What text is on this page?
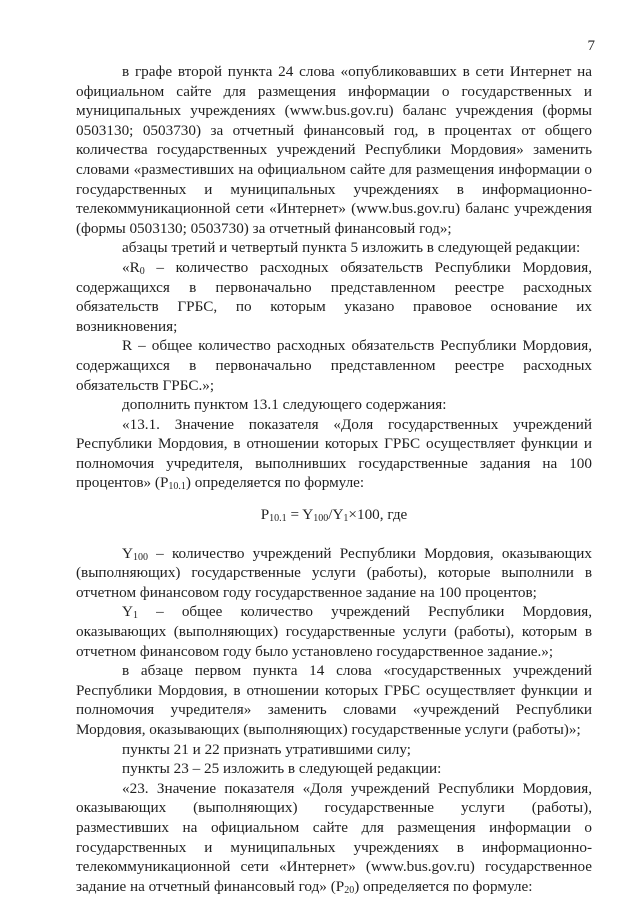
7

в графе второй пункта 24 слова «опубликовавших в сети Интернет на официальном сайте для размещения информации о государственных и муниципальных учреждениях (www.bus.gov.ru) баланс учреждения (формы 0503130; 0503730) за отчетный финансовый год, в процентах от общего количества государственных учреждений Республики Мордовия» заменить словами «разместивших на официальном сайте для размещения информации о государственных и муниципальных учреждениях в информационно-телекоммуникационной сети «Интернет» (www.bus.gov.ru) баланс учреждения (формы 0503130; 0503730) за отчетный финансовый год»;

абзацы третий и четвертый пункта 5 изложить в следующей редакции:

«$R_0$ – количество расходных обязательств Республики Мордовия, содержащихся в первоначально представленном реестре расходных обязательств ГРБС, по которым указано правовое основание их возникновения;

R – общее количество расходных обязательств Республики Мордовия, содержащихся в первоначально представленном реестре расходных обязательств ГРБС.»;

дополнить пунктом 13.1 следующего содержания:

«13.1. Значение показателя «Доля государственных учреждений Республики Мордовия, в отношении которых ГРБС осуществляет функции и полномочия учредителя, выполнивших государственные задания на 100 процентов» $(P_{10.1})$ определяется по формуле:

$P_{10.1} = Y_{100}/Y_1\times 100$, где

$Y_{100}$ – количество учреждений Республики Мордовия, оказывающих (выполняющих) государственные услуги (работы), которые выполнили в отчетном финансовом году государственное задание на 100 процентов;

$Y_1$ – общее количество учреждений Республики Мордовия, оказывающих (выполняющих) государственные услуги (работы), которым в отчетном финансовом году было установлено государственное задание.»;

в абзаце первом пункта 14 слова «государственных учреждений Республики Мордовия, в отношении которых ГРБС осуществляет функции и полномочия учредителя» заменить словами «учреждений Республики Мордовия, оказывающих (выполняющих) государственные услуги (работы)»;

пункты 21 и 22 признать утратившими силу;

пункты 23 – 25 изложить в следующей редакции:

«23. Значение показателя «Доля учреждений Республики Мордовия, оказывающих (выполняющих) государственные услуги (работы), разместивших на официальном сайте для размещения информации о государственных и муниципальных учреждениях в информационно-телекоммуникационной сети «Интернет» (www.bus.gov.ru) государственное задание на отчетный финансовый год» $(P_{20})$ определяется по формуле:
